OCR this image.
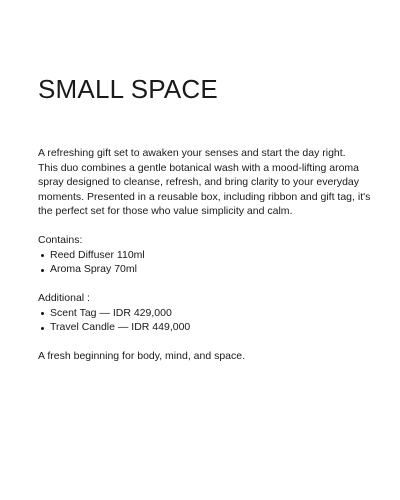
SMALL SPACE

A refreshing gift set to awaken your senses and start the day right.
This duo combines a gentle botanical wash with a mood-lifting aroma
spray designed to cleanse, refresh, and bring clarity to your everyday
moments. Presented in a reusable box, including ribbon and gift tag, it's
the perfect set for those who value simplicity and calm.

Contains:

Reed Diffuser 110ml
Aroma Spray 70ml

Additional :

Scent Tag — IDR 429,000
Travel Candle — IDR 449,000

A fresh beginning for body, mind, and space.
